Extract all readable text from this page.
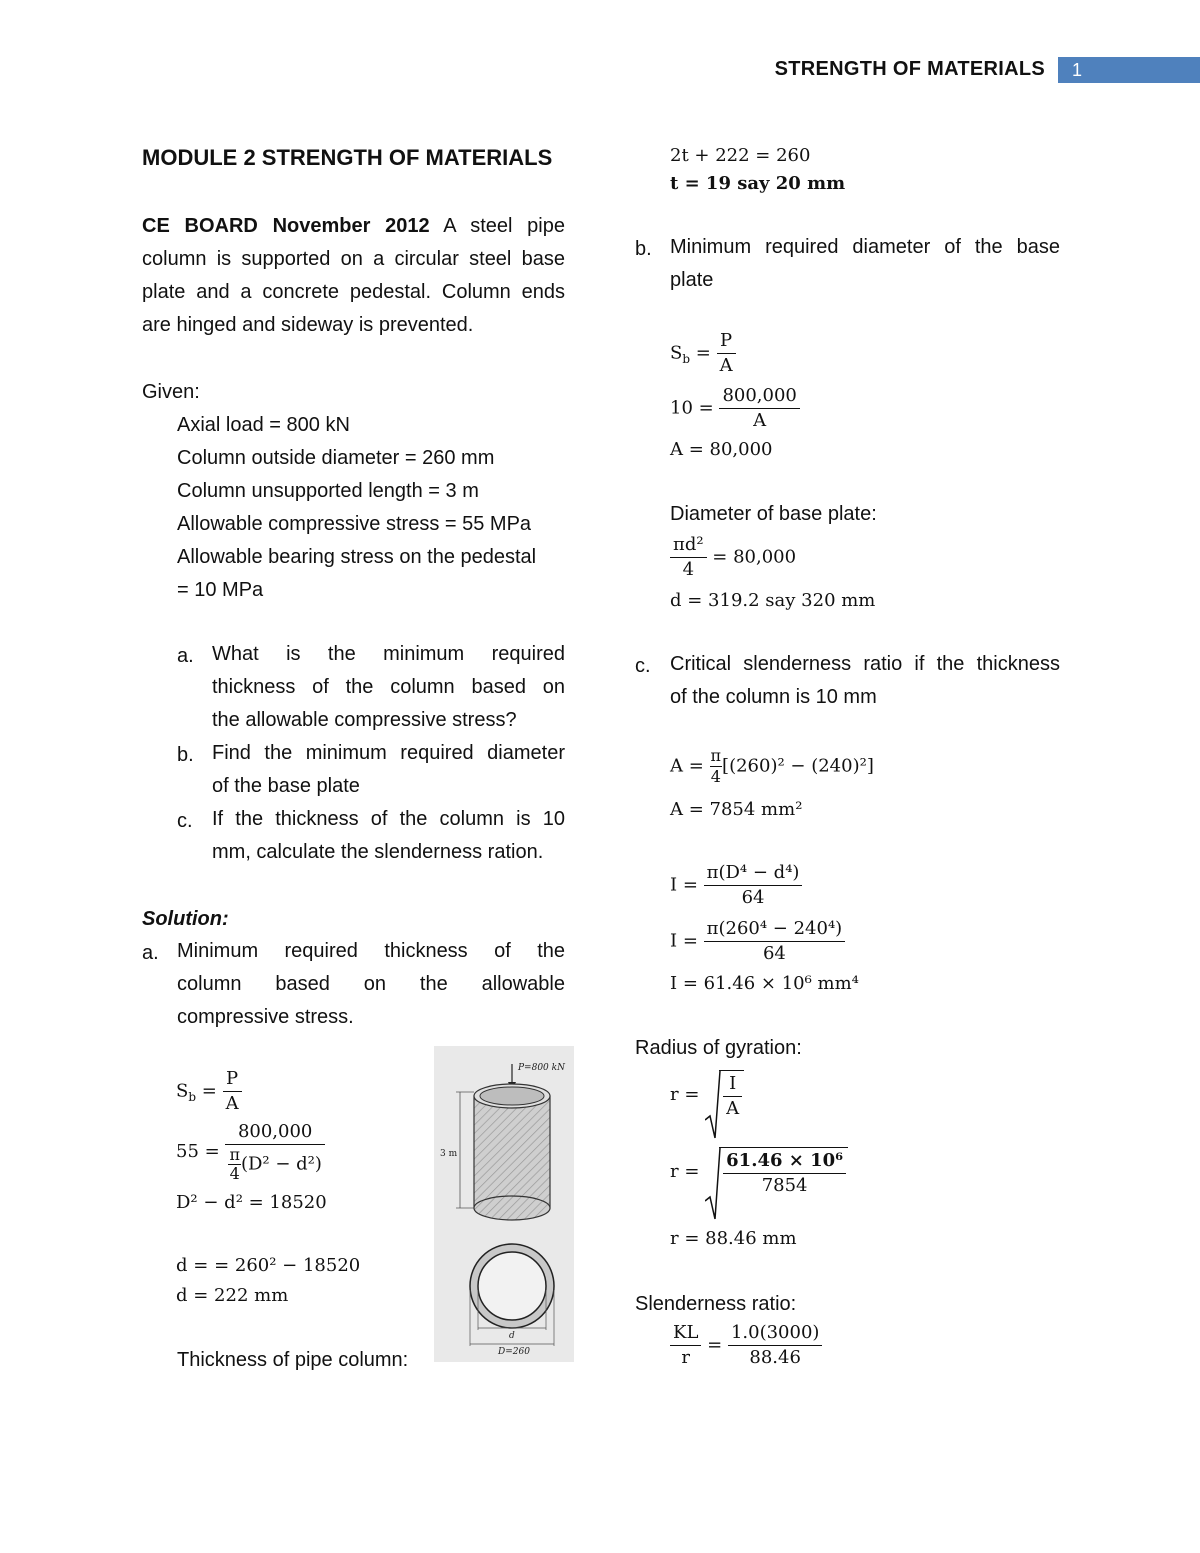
STRENGTH OF MATERIALS 1
MODULE 2 STRENGTH OF MATERIALS
CE BOARD November 2012 A steel pipe
column is supported on a circular steel base
plate and a concrete pedestal. Column ends
are hinged and sideway is prevented.
Given:
Axial load = 800 kN
Column outside diameter = 260 mm
Column unsupported length = 3 m
Allowable compressive stress = 55 MPa
Allowable bearing stress on the pedestal
= 10 MPa
a. What is the minimum required
thickness of the column based on
the allowable compressive stress?
b. Find the minimum required diameter
of the base plate
c. If the thickness of the column is 10
mm, calculate the slenderness ration.
Solution:
a. Minimum required thickness of the
column based on the allowable
compressive stress.
$S_b = \frac{P}{A}$
$55 = \frac{800,000}{\frac{\pi}{4} (D^2 - d^2)}$
D² − d² = 18520
d = = 260² − 18520
d = 222 mm
Thickness of pipe column:
P=800 kN
3 m
d
D=260
2t + 222 = 260
t = 19 say 20 mm
b. Minimum required diameter of the base
plate
$S_b = \frac{P}{A}$
$10 = \frac{800,000}{A}$
A = 80,000
Diameter of base plate:
$\frac{\text{πd²}}{4} = 80,000$
d = 319.2 say 320 mm
c. Critical slenderness ratio if the thickness
of the column is 10 mm
$A = \frac{\pi}{4} [(260)^2 - (240)^2]$
A = 7854 mm²
$I = \frac{\text{π(D⁴ − d⁴)}}{64}$
$I = \frac{\text{π(260⁴ − 240⁴)}}{64}$
I = 61.46 × 10⁶ mm⁴
Radius of gyration:
$r = \frac{I}{A}$
$r = \frac{\text{61.46 × 10⁶}}{7854}$
r = 88.46 mm
Slenderness ratio:
$\frac{KL}{r} = \frac{1.0(3000)}{88.46}$
